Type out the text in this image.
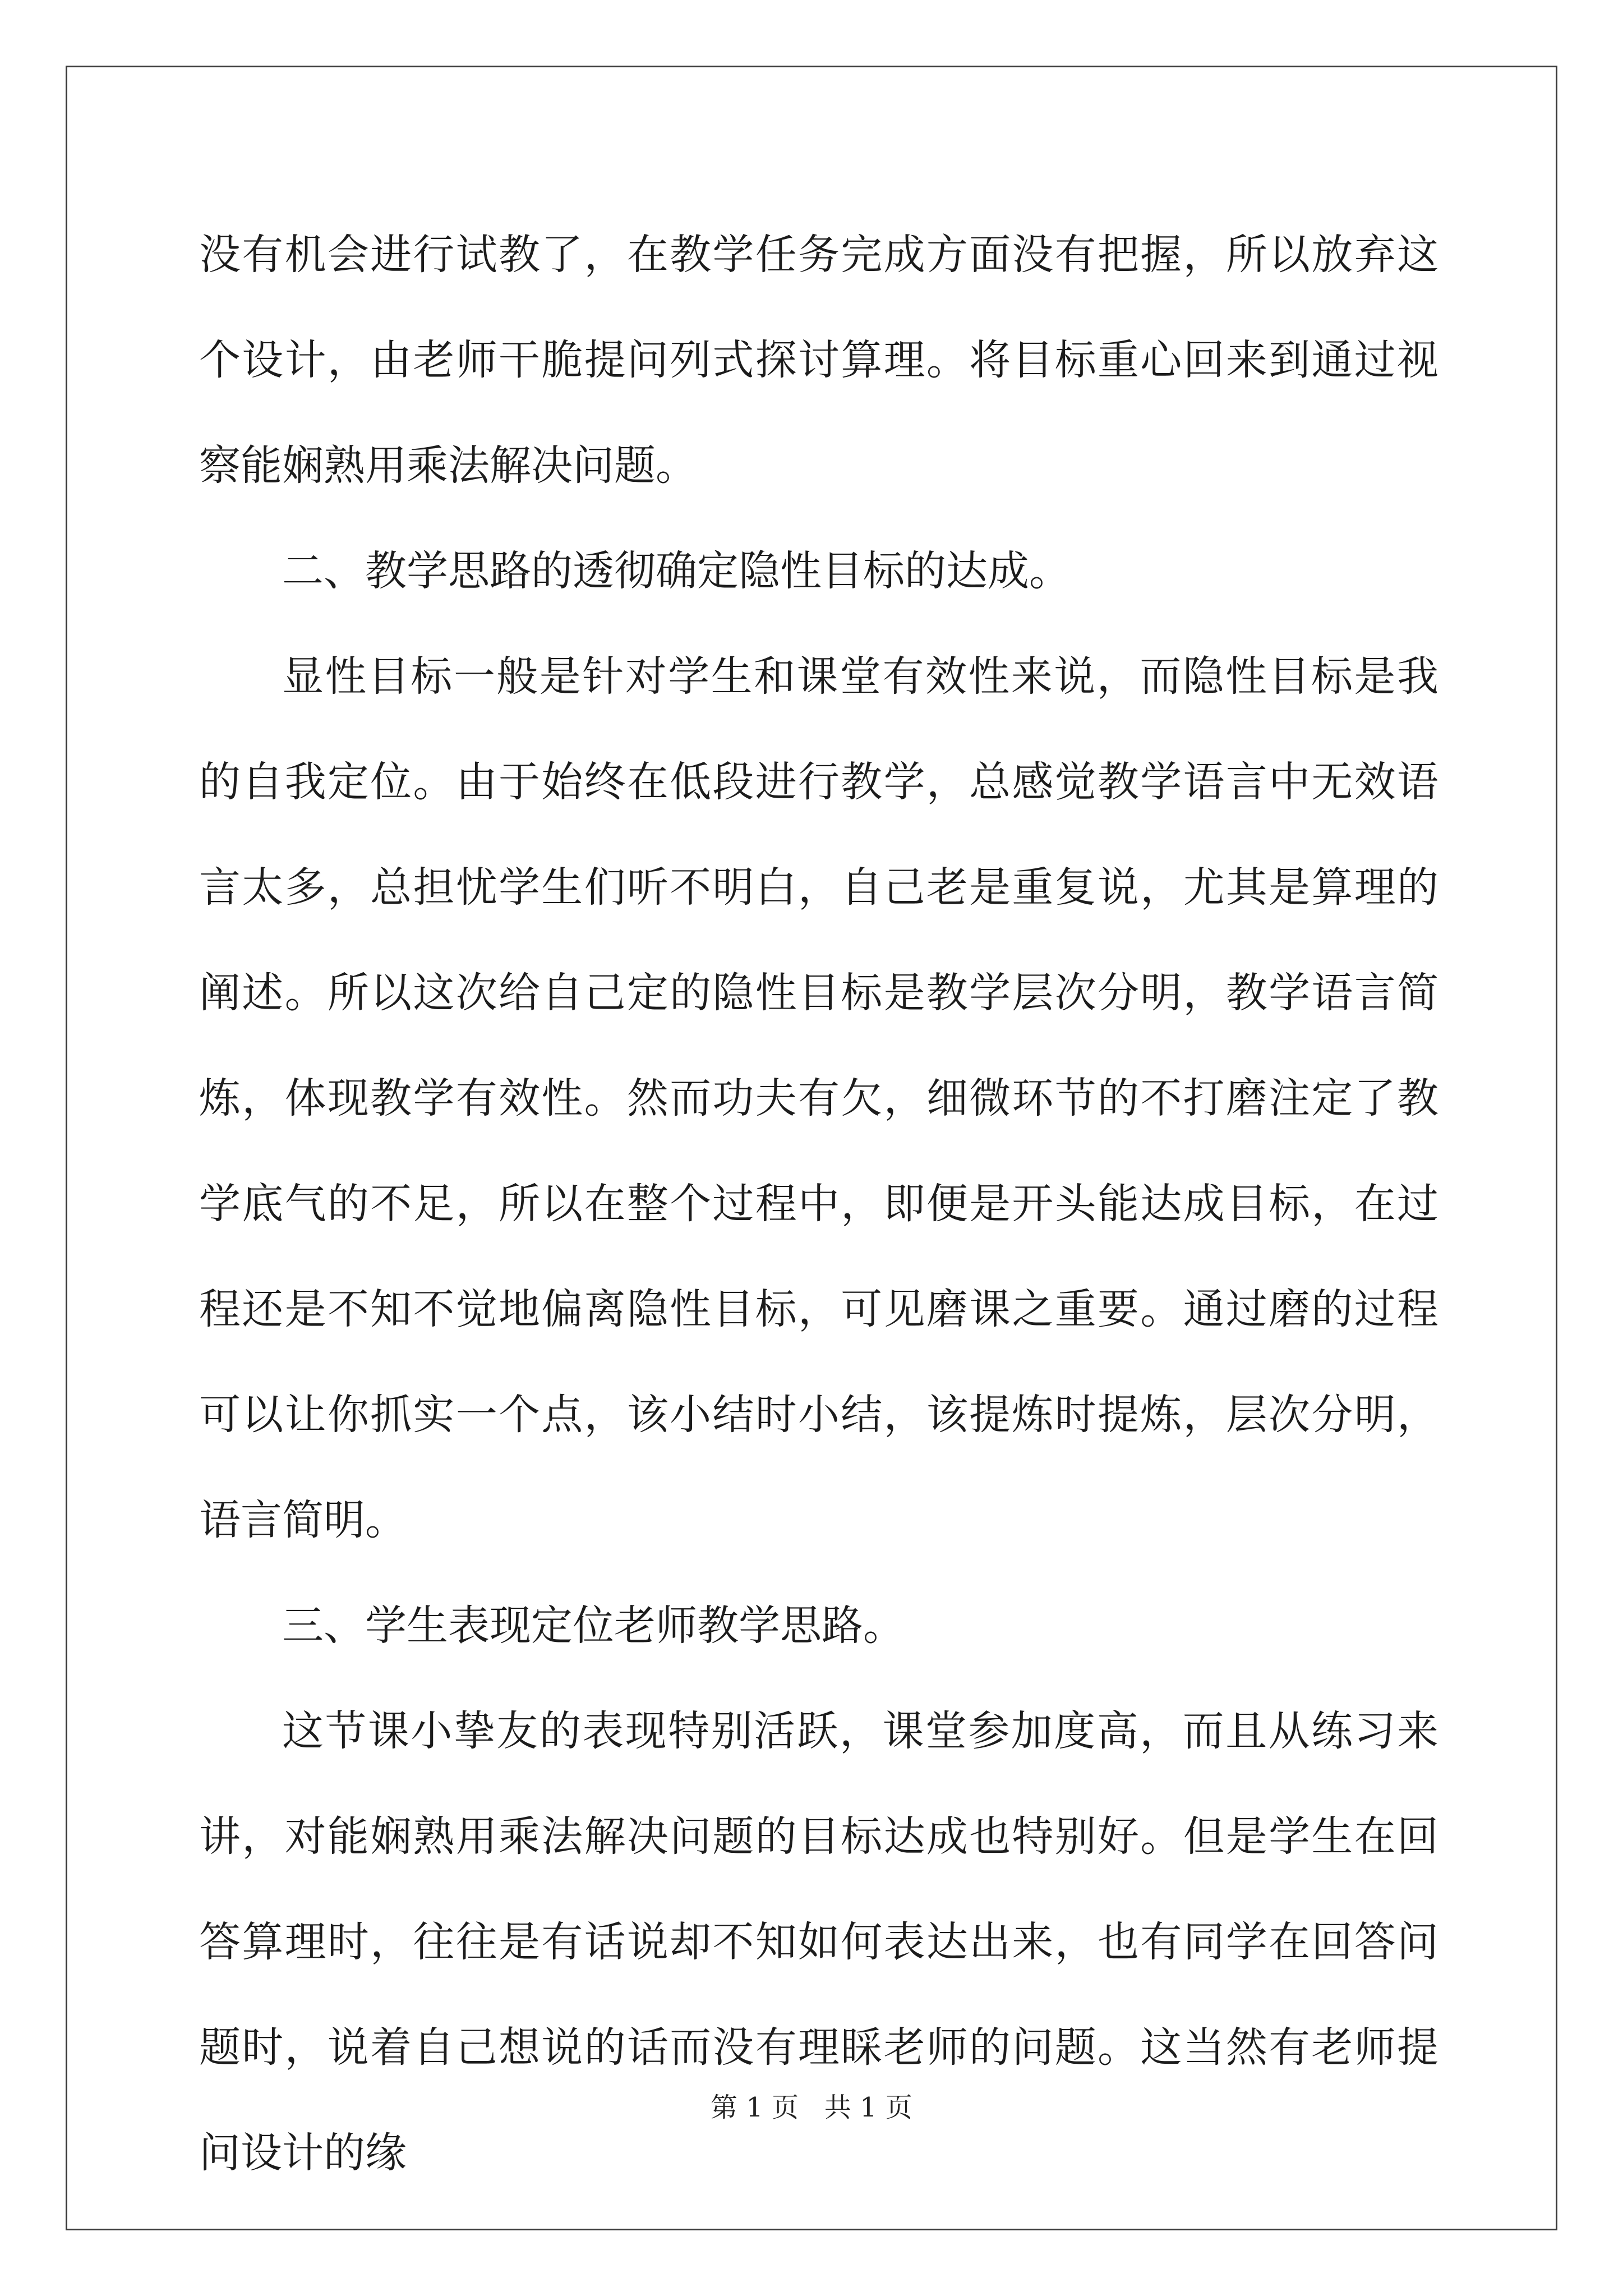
没有机会进行试教了，在教学任务完成方面没有把握，所以放弃这个设计，由老师干脆提问列式探讨算理。将目标重心回来到通过视察能娴熟用乘法解决问题。

二、教学思路的透彻确定隐性目标的达成。

显性目标一般是针对学生和课堂有效性来说，而隐性目标是我的自我定位。由于始终在低段进行教学，总感觉教学语言中无效语言太多，总担忧学生们听不明白，自己老是重复说，尤其是算理的阐述。所以这次给自己定的隐性目标是教学层次分明，教学语言简炼，体现教学有效性。然而功夫有欠，细微环节的不打磨注定了教学底气的不足，所以在整个过程中，即便是开头能达成目标，在过程还是不知不觉地偏离隐性目标，可见磨课之重要。通过磨的过程可以让你抓实一个点，该小结时小结，该提炼时提炼，层次分明，语言简明。

三、学生表现定位老师教学思路。

这节课小挚友的表现特别活跃，课堂参加度高，而且从练习来讲，对能娴熟用乘法解决问题的目标达成也特别好。但是学生在回答算理时，往往是有话说却不知如何表达出来，也有同学在回答问题时，说着自己想说的话而没有理睬老师的问题。这当然有老师提问设计的缘

第 1 页   共 1 页
